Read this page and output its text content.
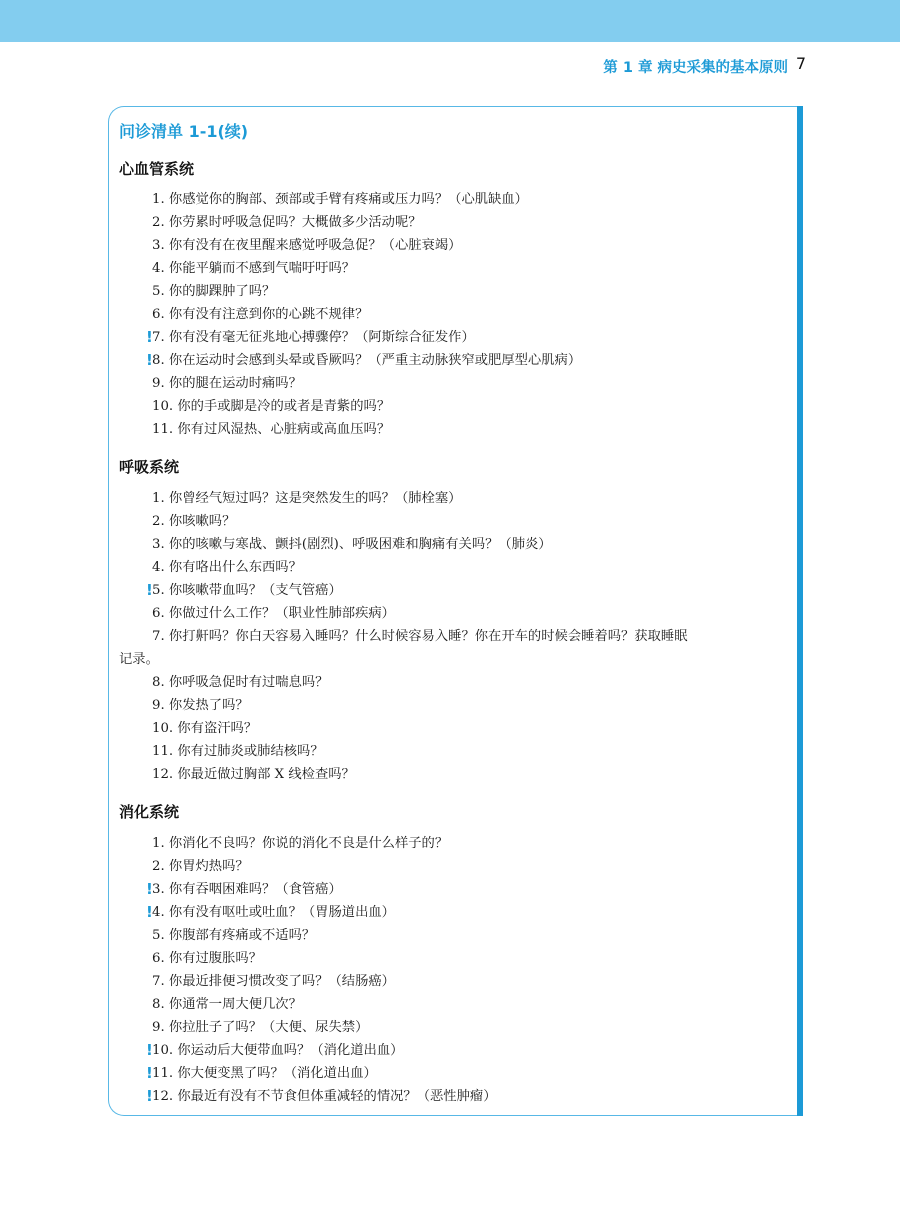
第 1 章 病史采集的基本原则 7
问诊清单 1-1(续)
心血管系统
1. 你感觉你的胸部、颈部或手臂有疼痛或压力吗？（心肌缺血）
2. 你劳累时呼吸急促吗？大概做多少活动呢？
3. 你有没有在夜里醒来感觉呼吸急促？（心脏衰竭）
4. 你能平躺而不感到气喘吁吁吗？
5. 你的脚踝肿了吗？
6. 你有没有注意到你的心跳不规律？
! 7. 你有没有毫无征兆地心搏骤停？（阿斯综合征发作）
! 8. 你在运动时会感到头晕或昏厥吗？（严重主动脉狭窄或肥厚型心肌病）
9. 你的腿在运动时痛吗？
10. 你的手或脚是冷的或者是青紫的吗？
11. 你有过风湿热、心脏病或高血压吗？
呼吸系统
1. 你曾经气短过吗？这是突然发生的吗？（肺栓塞）
2. 你咳嗽吗？
3. 你的咳嗽与寒战、颤抖(剧烈)、呼吸困难和胸痛有关吗？（肺炎）
4. 你有咯出什么东西吗？
! 5. 你咳嗽带血吗？（支气管癌）
6. 你做过什么工作？（职业性肺部疾病）
7. 你打鼾吗？你白天容易入睡吗？什么时候容易入睡？你在开车的时候会睡着吗？获取睡眠
记录。
8. 你呼吸急促时有过喘息吗？
9. 你发热了吗？
10. 你有盗汗吗？
11. 你有过肺炎或肺结核吗？
12. 你最近做过胸部 X 线检查吗？
消化系统
1. 你消化不良吗？你说的消化不良是什么样子的？
2. 你胃灼热吗？
! 3. 你有吞咽困难吗？（食管癌）
! 4. 你有没有呕吐或吐血？（胃肠道出血）
5. 你腹部有疼痛或不适吗？
6. 你有过腹胀吗？
7. 你最近排便习惯改变了吗？（结肠癌）
8. 你通常一周大便几次？
9. 你拉肚子了吗？（大便、尿失禁）
! 10. 你运动后大便带血吗？（消化道出血）
! 11. 你大便变黑了吗？（消化道出血）
! 12. 你最近有没有不节食但体重减轻的情况？（恶性肿瘤）
